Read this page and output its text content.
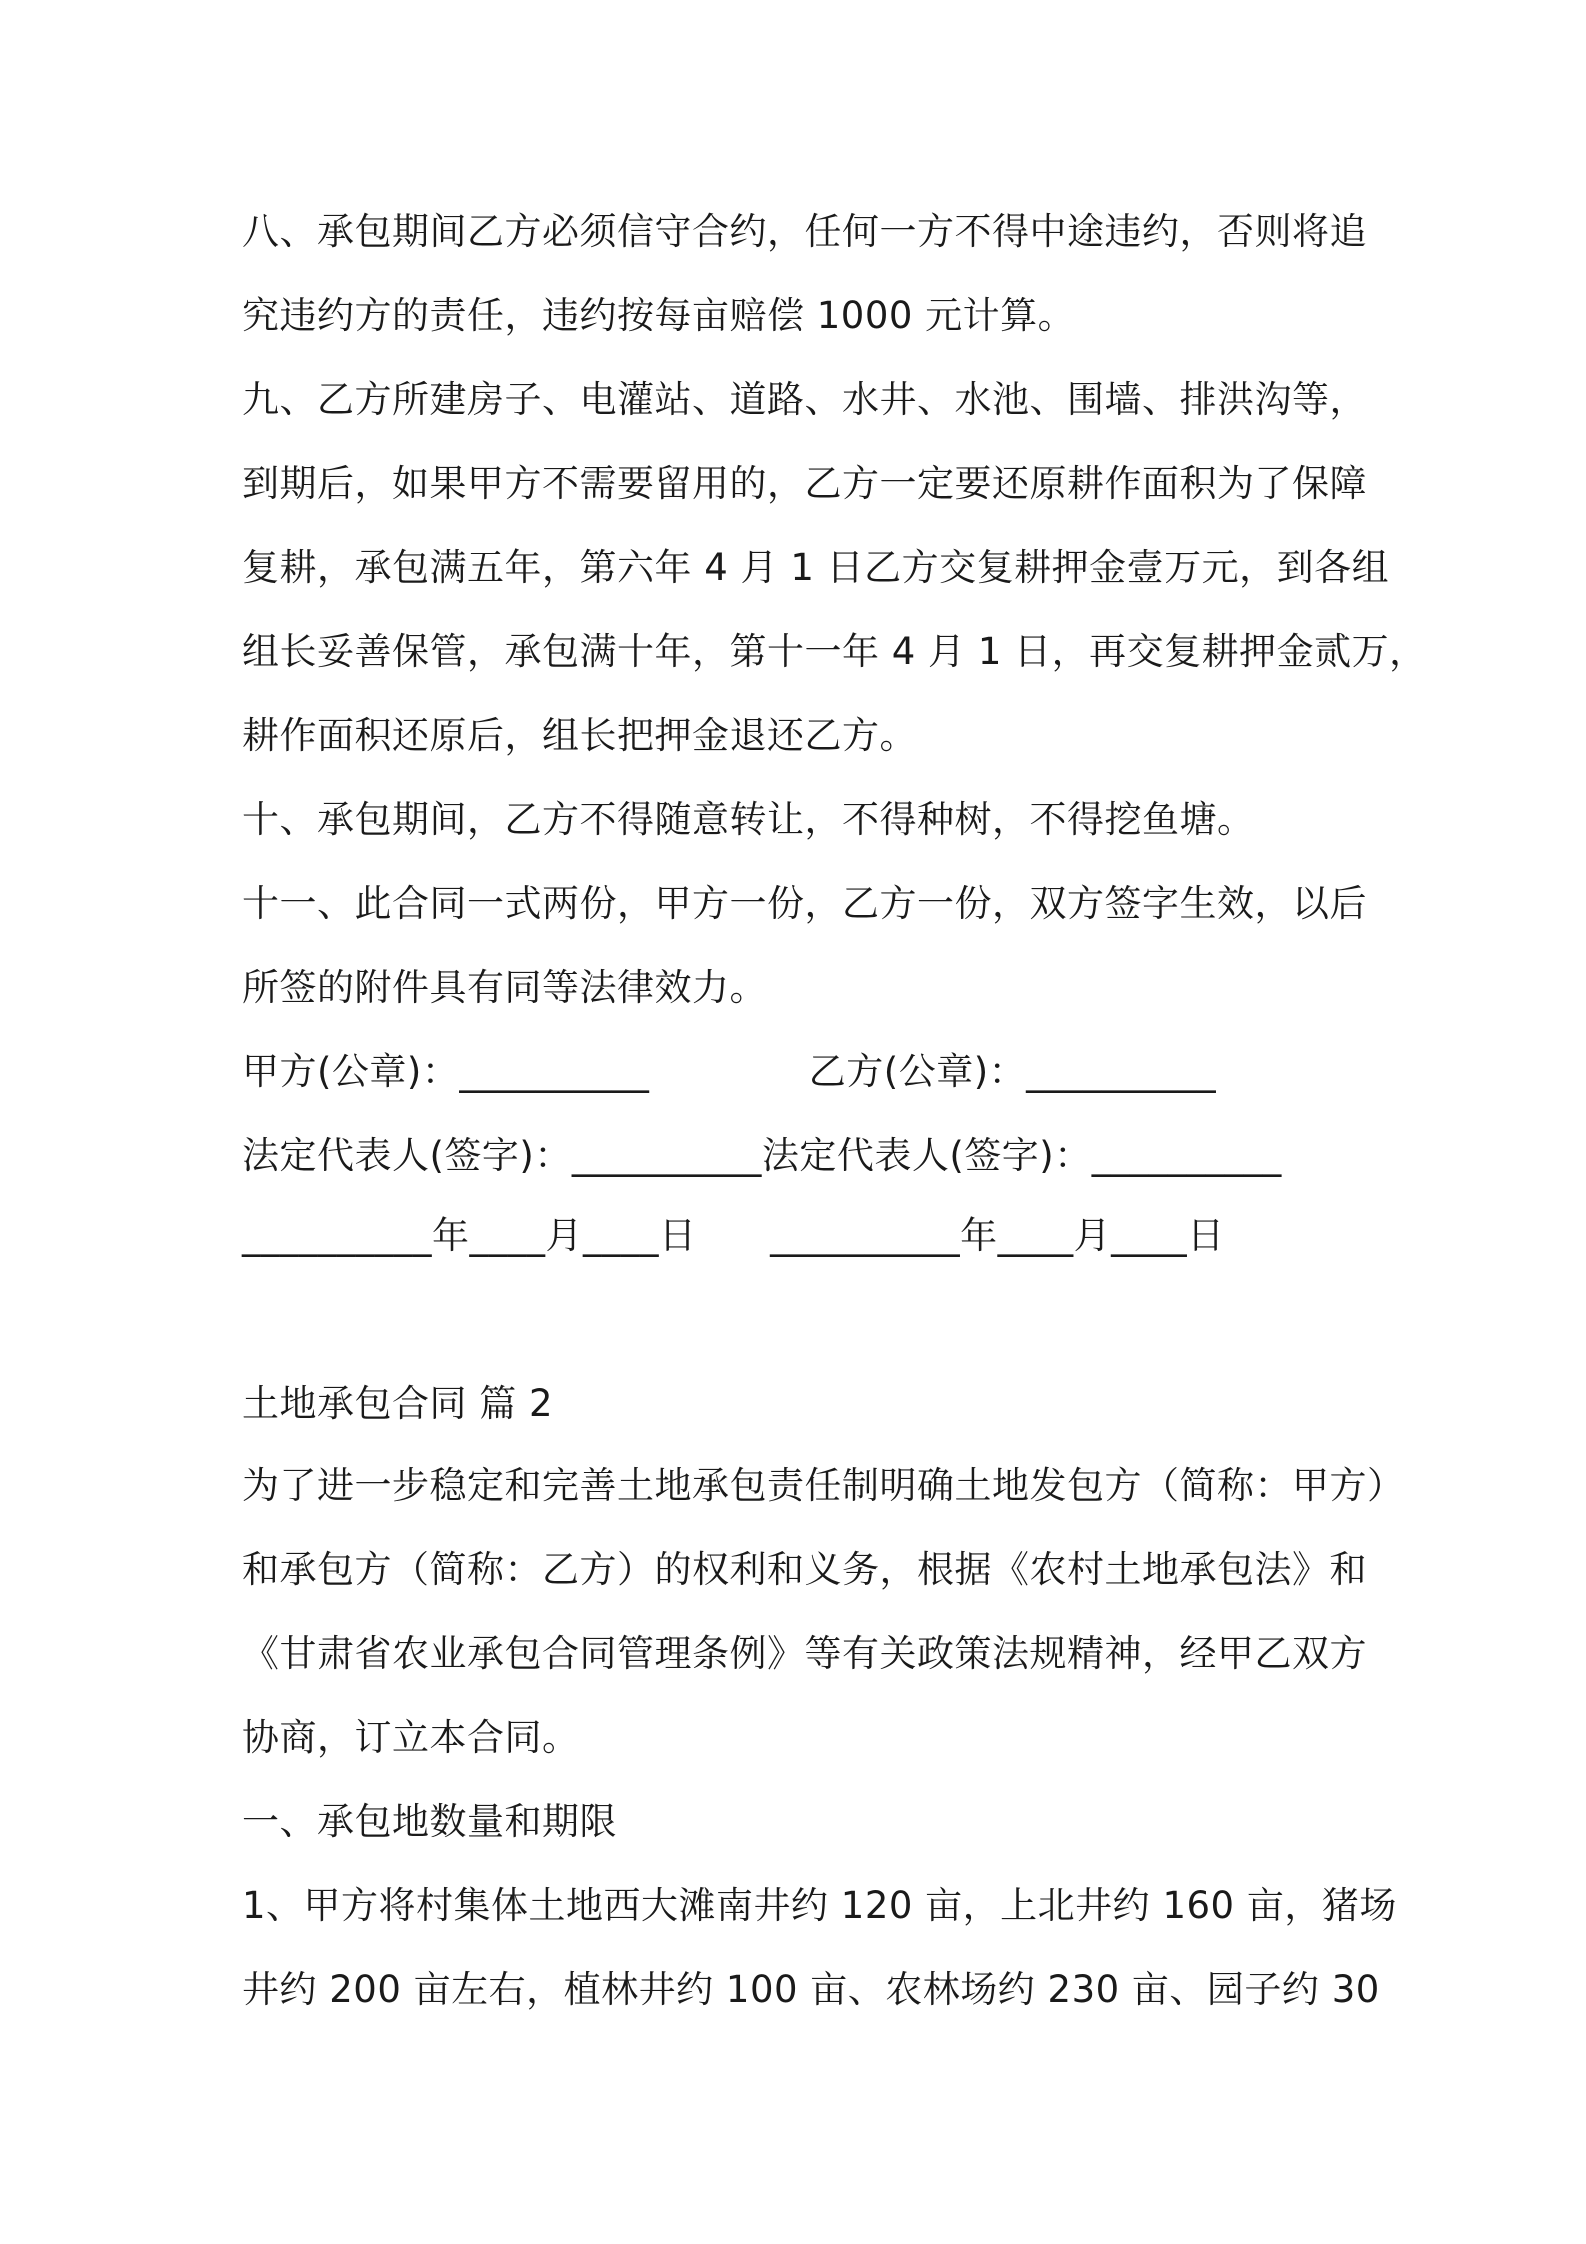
八、承包期间乙方必须信守合约，任何一方不得中途违约，否则将追
究违约方的责任，违约按每亩赔偿 1000 元计算。
九、乙方所建房子、电灌站、道路、水井、水池、围墙、排洪沟等，
到期后，如果甲方不需要留用的，乙方一定要还原耕作面积为了保障
复耕，承包满五年，第六年 4 月 1 日乙方交复耕押金壹万元，到各组
组长妥善保管，承包满十年，第十一年 4 月 1 日，再交复耕押金贰万，
耕作面积还原后，组长把押金退还乙方。
十、承包期间，乙方不得随意转让，不得种树，不得挖鱼塘。
十一、此合同一式两份，甲方一份，乙方一份，双方签字生效，以后
所签的附件具有同等法律效力。
甲方(公章)：__________             乙方(公章)：__________
法定代表人(签字)：__________法定代表人(签字)：__________
__________年____月____日      __________年____月____日
土地承包合同 篇 2
为了进一步稳定和完善土地承包责任制明确土地发包方（简称：甲方）
和承包方（简称：乙方）的权利和义务，根据《农村土地承包法》和
《甘肃省农业承包合同管理条例》等有关政策法规精神，经甲乙双方
协商，订立本合同。
一、承包地数量和期限
1、甲方将村集体土地西大滩南井约 120 亩，上北井约 160 亩，猪场
井约 200 亩左右，植林井约 100 亩、农林场约 230 亩、园子约 30
